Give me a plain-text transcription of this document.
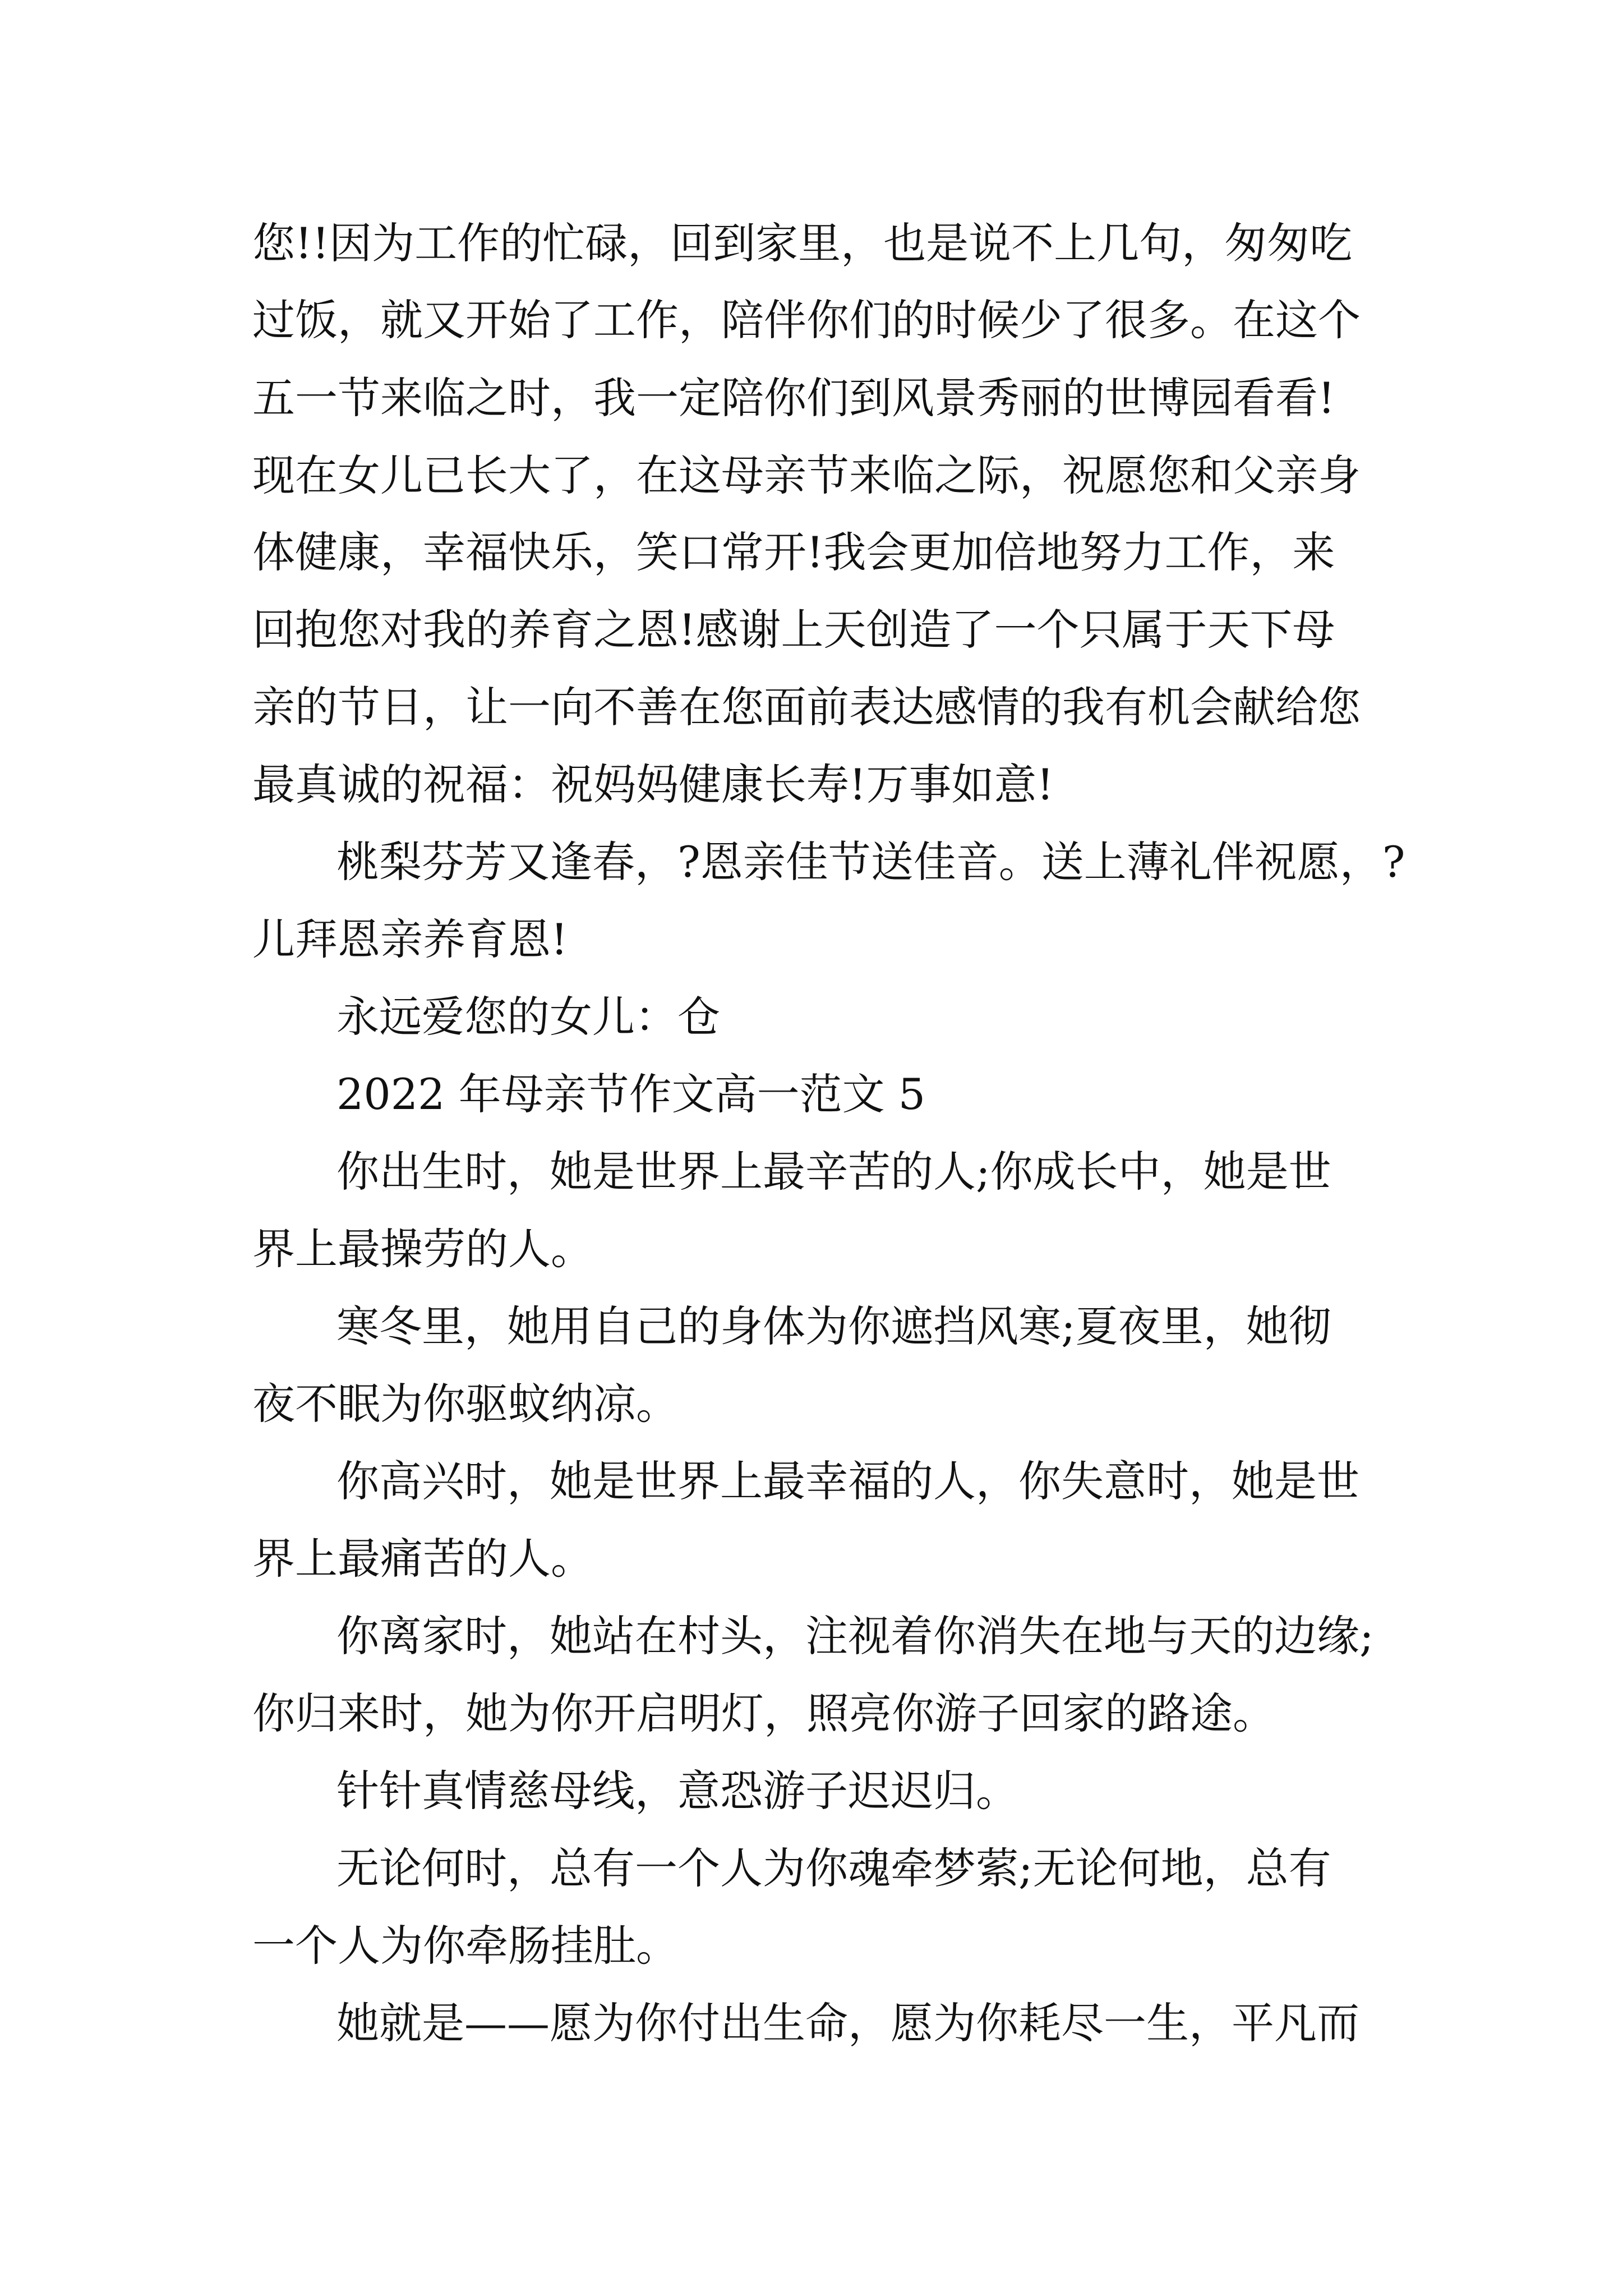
您!!因为工作的忙碌，回到家里，也是说不上几句，匆匆吃
过饭，就又开始了工作，陪伴你们的时候少了很多。在这个
五一节来临之时，我一定陪你们到风景秀丽的世博园看看!
现在女儿已长大了，在这母亲节来临之际，祝愿您和父亲身
体健康，幸福快乐，笑口常开!我会更加倍地努力工作，来
回抱您对我的养育之恩!感谢上天创造了一个只属于天下母
亲的节日，让一向不善在您面前表达感情的我有机会献给您
最真诚的祝福：祝妈妈健康长寿!万事如意!
桃梨芬芳又逢春，?恩亲佳节送佳音。送上薄礼伴祝愿，?
儿拜恩亲养育恩!
永远爱您的女儿：仓
2022 年母亲节作文高一范文 5
你出生时，她是世界上最辛苦的人;你成长中，她是世
界上最操劳的人。
寒冬里，她用自己的身体为你遮挡风寒;夏夜里，她彻
夜不眠为你驱蚊纳凉。
你高兴时，她是世界上最幸福的人，你失意时，她是世
界上最痛苦的人。
你离家时，她站在村头，注视着你消失在地与天的边缘;
你归来时，她为你开启明灯，照亮你游子回家的路途。
针针真情慈母线，意恐游子迟迟归。
无论何时，总有一个人为你魂牵梦萦;无论何地，总有
一个人为你牵肠挂肚。
她就是——愿为你付出生命，愿为你耗尽一生，平凡而
